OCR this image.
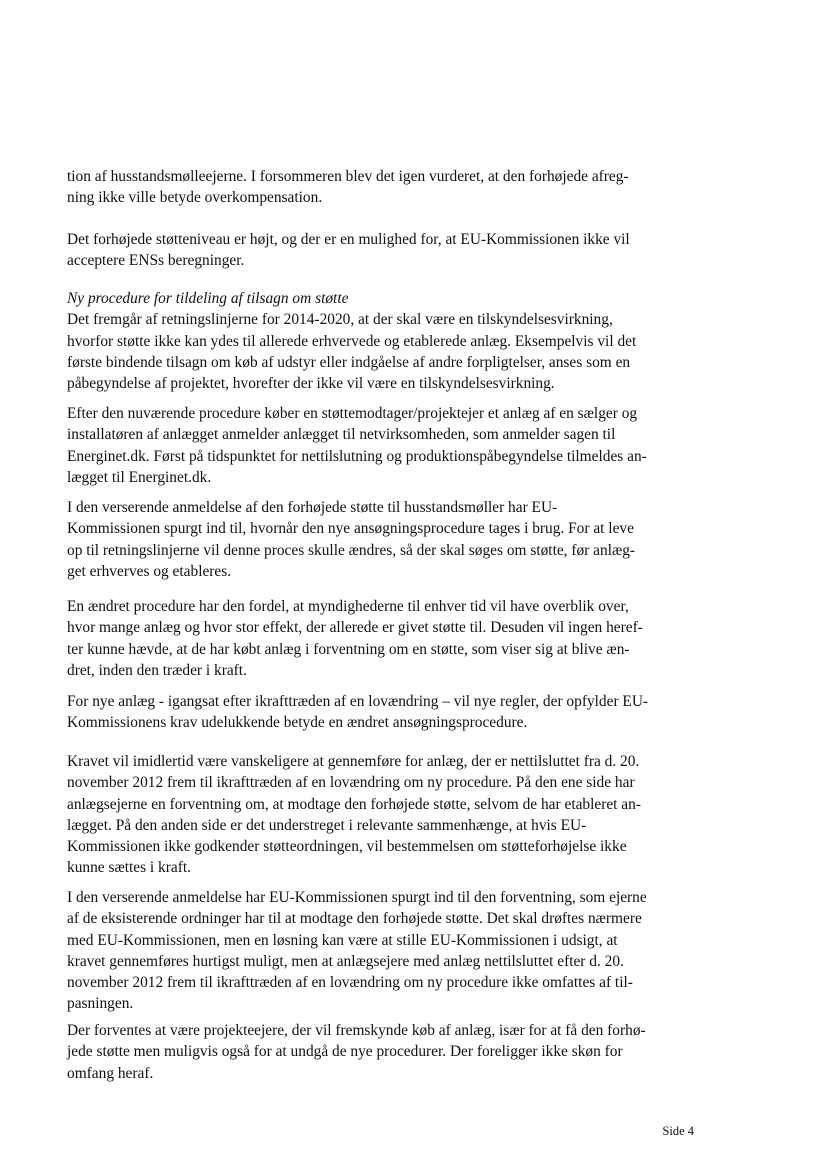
tion af husstandsmølleejerne. I forsommeren blev det igen vurderet, at den forhøjede afreg-
ning ikke ville betyde overkompensation.
Det forhøjede støtteniveau er højt, og der er en mulighed for, at EU-Kommissionen ikke vil
acceptere ENSs beregninger.
Ny procedure for tildeling af tilsagn om støtte
Det fremgår af retningslinjerne for 2014-2020, at der skal være en tilskyndelsesvirkning,
hvorfor støtte ikke kan ydes til allerede erhvervede og etablerede anlæg. Eksempelvis vil det
første bindende tilsagn om køb af udstyr eller indgåelse af andre forpligtelser, anses som en
påbegyndelse af projektet, hvorefter der ikke vil være en tilskyndelsesvirkning.
Efter den nuværende procedure køber en støttemodtager/projektejer et anlæg af en sælger og
installatøren af anlægget anmelder anlægget til netvirksomheden, som anmelder sagen til
Energinet.dk. Først på tidspunktet for nettilslutning og produktionspåbegyndelse tilmeldes an-
lægget til Energinet.dk.
I den verserende anmeldelse af den forhøjede støtte til husstandsmøller har EU-
Kommissionen spurgt ind til, hvornår den nye ansøgningsprocedure tages i brug. For at leve
op til retningslinjerne vil denne proces skulle ændres, så der skal søges om støtte, før anlæg-
get erhverves og etableres.
En ændret procedure har den fordel, at myndighederne til enhver tid vil have overblik over,
hvor mange anlæg og hvor stor effekt, der allerede er givet støtte til. Desuden vil ingen heref-
ter kunne hævde, at de har købt anlæg i forventning om en støtte, som viser sig at blive æn-
dret, inden den træder i kraft.
For nye anlæg - igangsat efter ikrafttræden af en lovændring – vil nye regler, der opfylder EU-
Kommissionens krav udelukkende betyde en ændret ansøgningsprocedure.
Kravet vil imidlertid være vanskeligere at gennemføre for anlæg, der er nettilsluttet fra d. 20.
november 2012 frem til ikrafttræden af en lovændring om ny procedure. På den ene side har
anlægsejerne en forventning om, at modtage den forhøjede støtte, selvom de har etableret an-
lægget. På den anden side er det understreget i relevante sammenhænge, at hvis EU-
Kommissionen ikke godkender støtteordningen, vil bestemmelsen om støtteforhøjelse ikke
kunne sættes i kraft.
I den verserende anmeldelse har EU-Kommissionen spurgt ind til den forventning, som ejerne
af de eksisterende ordninger har til at modtage den forhøjede støtte. Det skal drøftes nærmere
med EU-Kommissionen, men en løsning kan være at stille EU-Kommissionen i udsigt, at
kravet gennemføres hurtigst muligt, men at anlægsejere med anlæg nettilsluttet efter d. 20.
november 2012 frem til ikrafttræden af en lovændring om ny procedure ikke omfattes af til-
pasningen.
Der forventes at være projekteejere, der vil fremskynde køb af anlæg, især for at få den forhø-
jede støtte men muligvis også for at undgå de nye procedurer. Der foreligger ikke skøn for
omfang heraf.
Side 4
